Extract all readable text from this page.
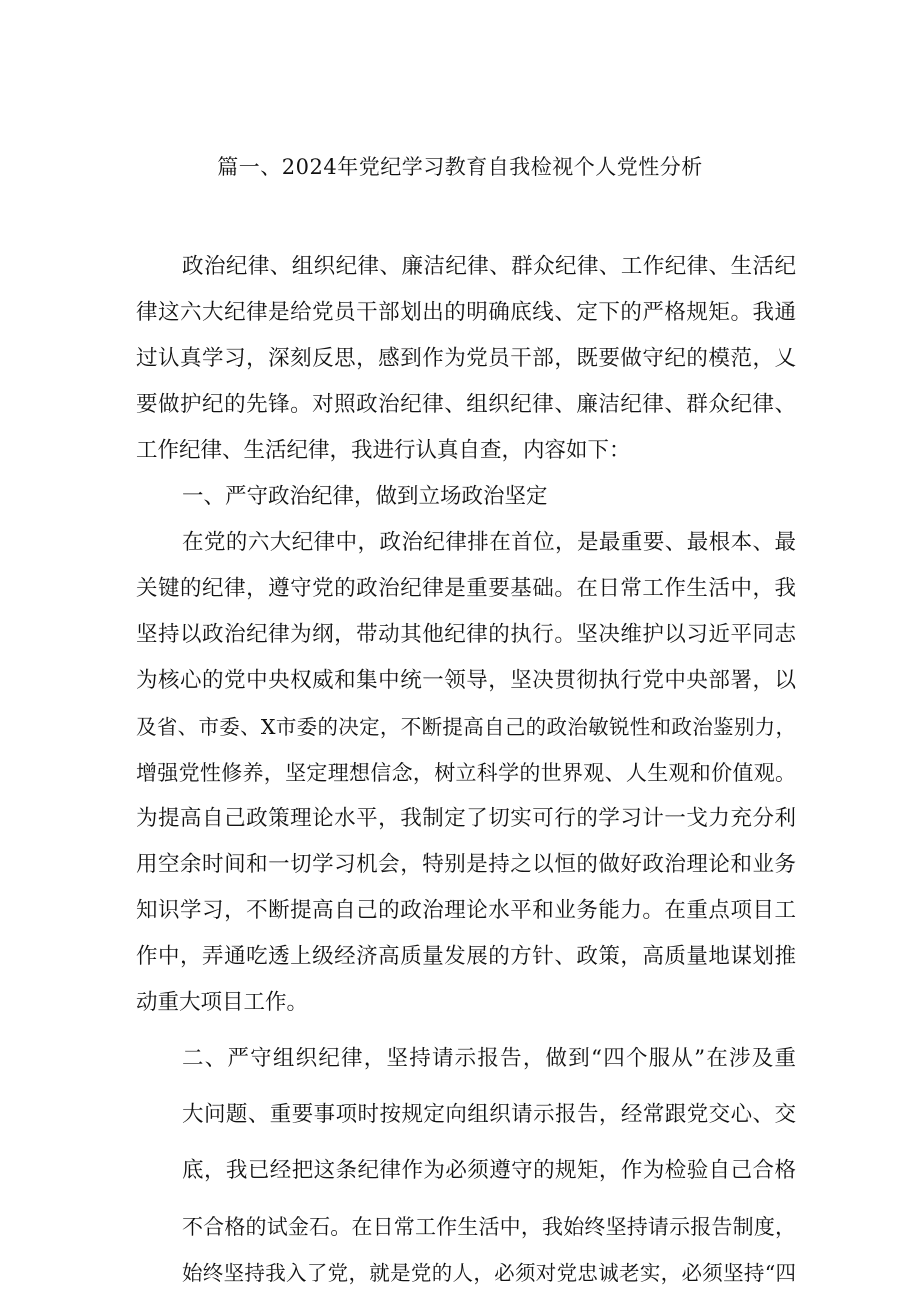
篇一、2024年党纪学习教育自我检视个人党性分析
政治纪律、组织纪律、廉洁纪律、群众纪律、工作纪律、生活纪
律这六大纪律是给党员干部划出的明确底线、定下的严格规矩。我通
过认真学习，深刻反思，感到作为党员干部，既要做守纪的模范，乂
要做护纪的先锋。对照政治纪律、组织纪律、廉洁纪律、群众纪律、
工作纪律、生活纪律，我进行认真自查，内容如下：
一、严守政治纪律，做到立场政治坚定
在党的六大纪律中，政治纪律排在首位，是最重要、最根本、最
关键的纪律，遵守党的政治纪律是重要基础。在日常工作生活中，我
坚持以政治纪律为纲，带动其他纪律的执行。坚决维护以习近平同志
为核心的党中央权威和集中统一领导，坚决贯彻执行党中央部署，以
及省、市委、X市委的决定，不断提高自己的政治敏锐性和政治鉴别力，
增强党性修养，坚定理想信念，树立科学的世界观、人生观和价值观。
为提高自己政策理论水平，我制定了切实可行的学习计一戈力充分利
用空余时间和一切学习机会，特别是持之以恒的做好政治理论和业务
知识学习，不断提高自己的政治理论水平和业务能力。在重点项目工
作中，弄通吃透上级经济高质量发展的方针、政策，高质量地谋划推
动重大项目工作。
二、严守组织纪律，坚持请示报告，做到“四个服从”在涉及重
大问题、重要事项时按规定向组织请示报告，经常跟党交心、交
底，我已经把这条纪律作为必须遵守的规矩，作为检验自己合格
不合格的试金石。在日常工作生活中，我始终坚持请示报告制度，
始终坚持我入了党，就是党的人，必须对党忠诚老实，必须坚持“四
